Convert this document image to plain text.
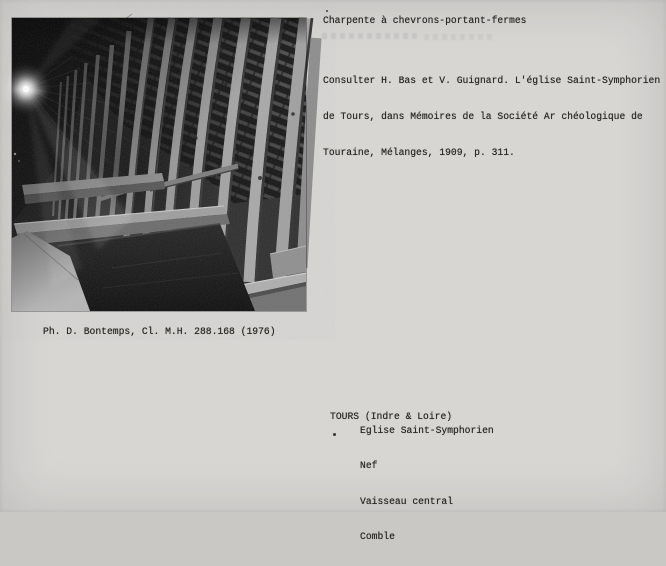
Ph. D. Bontemps, Cl. M.H. 288.168 (1976)
Charpente à chevrons-portant-fermes

Consulter H. Bas et V. Guignard. L'église Saint-Symphorien

de Tours, dans Mémoires de la Société Ar chéologique de

Touraine, Mélanges, 1909, p. 311.

TOURS (Indre & Loire)

Eglise Saint-Symphorien

Nef

Vaisseau central

Comble
